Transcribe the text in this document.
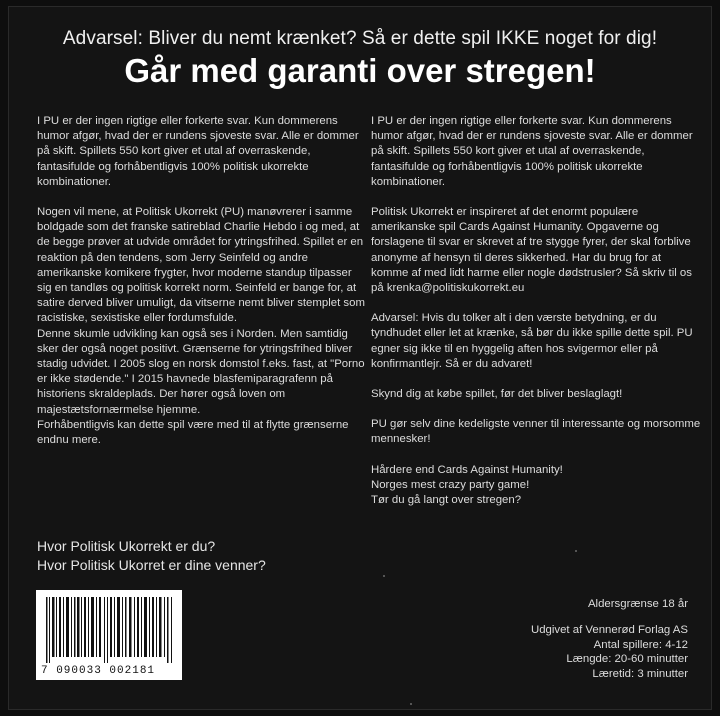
Advarsel: Bliver du nemt krænket? Så er dette spil IKKE noget for dig!
Går med garanti over stregen!

I PU er der ingen rigtige eller forkerte svar. Kun dommerens humor afgør, hvad der er rundens sjoveste svar. Alle er dommer på skift. Spillets 550 kort giver et utal af overraskende, fantasifulde og forhåbentligvis 100% politisk ukorrekte kombinationer.

Nogen vil mene, at Politisk Ukorrekt (PU) manøvrerer i samme boldgade som det franske satireblad Charlie Hebdo i og med, at de begge prøver at udvide området for ytringsfrihed. Spillet er en reaktion på den tendens, som Jerry Seinfeld og andre amerikanske komikere frygter, hvor moderne standup tilpasser sig en tandløs og politisk korrekt norm. Seinfeld er bange for, at satire derved bliver umuligt, da vitserne nemt bliver stemplet som racistiske, sexistiske eller fordumsfulde.

Denne skumle udvikling kan også ses i Norden. Men samtidig sker der også noget positivt. Grænserne for ytringsfrihed bliver stadig udvidet. I 2005 slog en norsk domstol f.eks. fast, at "Porno er ikke stødende." I 2015 havnede blasfemiparagrafenn på historiens skraldeplads. Der hører også loven om majestætsfornærmelse hjemme.

Forhåbentligvis kan dette spil være med til at flytte grænserne endnu mere.

I PU er der ingen rigtige eller forkerte svar. Kun dommerens humor afgør, hvad der er rundens sjoveste svar. Alle er dommer på skift. Spillets 550 kort giver et utal af overraskende, fantasifulde og forhåbentligvis 100% politisk ukorrekte kombinationer.

Politisk Ukorrekt er inspireret af det enormt populære amerikanske spil Cards Against Humanity. Opgaverne og forslagene til svar er skrevet af tre stygge fyrer, der skal forblive anonyme af hensyn til deres sikkerhed. Har du brug for at komme af med lidt harme eller nogle dødstrusler? Så skriv til os på krenka@politiskukorrekt.eu

Advarsel: Hvis du tolker alt i den værste betydning, er du tyndhudet eller let at krænke, så bør du ikke spille dette spil. PU egner sig ikke til en hyggelig aften hos svigermor eller på konfirmantlejr. Så er du advaret!

Skynd dig at købe spillet, før det bliver beslaglagt!

PU gør selv dine kedeligste venner til interessante og morsomme mennesker!

Hårdere end Cards Against Humanity!
Norges mest crazy party game!
Tør du gå langt over stregen?
Hvor Politisk Ukorrekt er du?
Hvor Politisk Ukorret er dine venner?
7 090033 002181
Aldersgrænse 18 år
Udgivet af Vennerød Forlag AS
Antal spillere: 4-12
Længde: 20-60 minutter
Læretid: 3 minutter
